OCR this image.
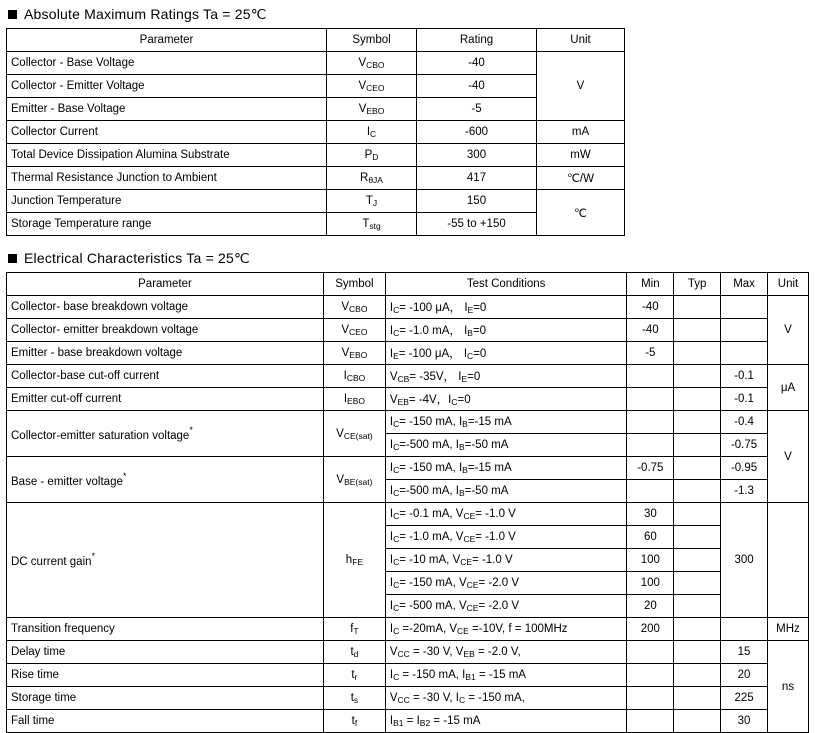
Absolute Maximum Ratings Ta = 25℃
Parameter	Symbol	Rating	Unit
Collector - Base Voltage	$V_{CBO}$	-40	V
Collector - Emitter Voltage	$V_{CEO}$	-40	
Emitter - Base Voltage	$V_{EBO}$	-5	
Collector Current	$I_C$	-600	mA
Total Device Dissipation Alumina Substrate	$P_D$	300	mW
Thermal Resistance Junction to Ambient	$R_{\theta JA}$	417	℃/W
Junction Temperature	$T_J$	150	℃
Storage Temperature range	$T_{stg}$	-55 to +150	
Electrical Characteristics Ta = 25℃
Parameter	Symbol	Test Conditions	Min	Typ	Max	Unit
Collector- base breakdown voltage	$V_{CBO}$	$I_C= -100$ μA， $I_E=0$	-40			V
Collector- emitter breakdown voltage	$V_{CEO}$	$I_C= -1.0$ mA， $I_B=0$	-40			
Emitter - base breakdown voltage	$V_{EBO}$	$I_E= -100$ μA， $I_C=0$	-5			
Collector-base cut-off current	$I_{CBO}$	$V_{CB}= -35V$， $I_E=0$			-0.1	μA
Emitter cut-off current	$I_{EBO}$	$V_{EB}= -4V$，$I_C=0$			-0.1	
Collector-emitter saturation voltage*	$V_{CE(sat)}$	$I_C= -150$ mA, $I_B=-15$ mA			-0.4	V
		$I_C=-500$ mA, $I_B=-50$ mA			-0.75	
Base - emitter voltage*	$V_{BE(sat)}$	$I_C= -150$ mA, $I_B=-15$ mA	-0.75		-0.95	
		$I_C=-500$ mA, $I_B=-50$ mA			-1.3	
DC current gain*	$h_{FE}$	$I_C= -0.1$ mA, $V_{CE}= -1.0$ V	30		300	
		$I_C= -1.0$ mA, $V_{CE}= -1.0$ V	60			
		$I_C= -10$ mA, $V_{CE}= -1.0$ V	100			
		$I_C= -150$ mA, $V_{CE}= -2.0$ V	100			
		$I_C= -500$ mA, $V_{CE}= -2.0$ V	20			
Transition frequency	$f_T$	$I_C =-20mA$, $V_{CE} =-10V$, f = 100MHz	200			MHz
Delay time	$t_d$	$V_{CC} = -30$ V, $V_{EB} = -2.0$ V,			15	ns
Rise time	$t_r$	$I_C = -150$ mA, $I_{B1} = -15$ mA			20	
Storage time	$t_s$	$V_{CC} = -30$ V, $I_C = -150$ mA,			225	
Fall time	$t_f$	$I_{B1} = I_{B2} = -15$ mA			30	
